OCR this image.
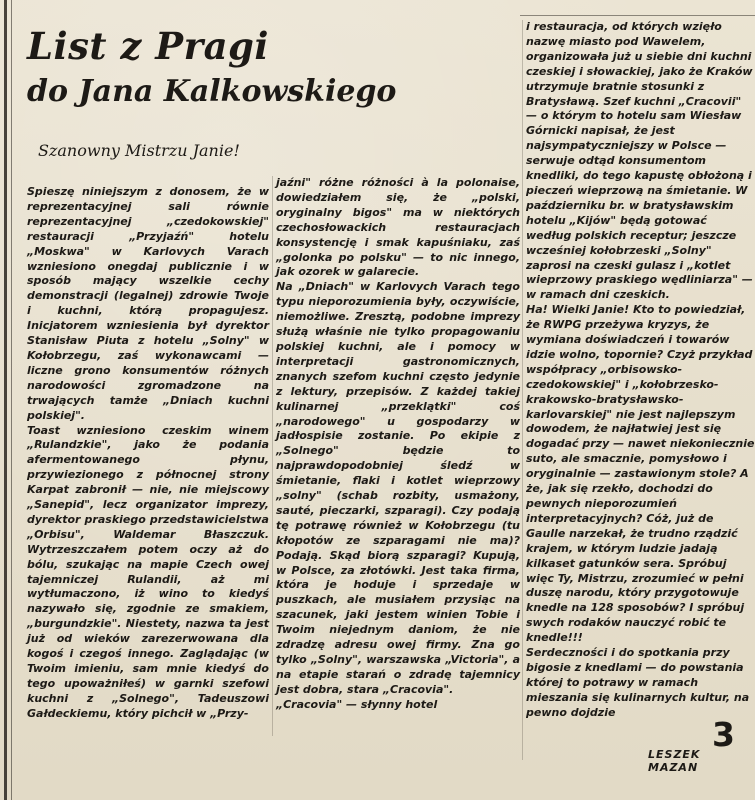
List z Pragi
do Jana Kalkowskiego

Szanowny Mistrzu Janie!

Spieszę niniejszym z donosem, że w reprezentacyjnej sali równie reprezentacyjnej „czedokowskiej" restauracji „Przyjaźń" hotelu „Moskwa" w Karlovych Varach wzniesiono onegdaj publicznie i w sposób mający wszelkie cechy demonstracji (legalnej) zdrowie Twoje i kuchni, którą propagujesz. Inicjatorem wzniesienia był dyrektor Stanisław Piuta z hotelu „Solny" w Kołobrzegu, zaś wykonawcami — liczne grono konsumentów różnych narodowości zgromadzone na trwających tamże „Dniach kuchni polskiej".
Toast wzniesiono czeskim winem „Rulandzkie", jako że podania afermentowanego płynu, przywiezionego z północnej strony Karpat zabronił — nie, nie miejscowy „Sanepid", lecz organizator imprezy, dyrektor praskiego przedstawicielstwa „Orbisu", Waldemar Błaszczuk. Wytrzeszczałem potem oczy aż do bólu, szukając na mapie Czech owej tajemniczej Rulandii, aż mi wytłumaczono, iż wino to kiedyś nazywało się, zgodnie ze smakiem, „burgundzkie". Niestety, nazwa ta jest już od wieków zarezerwowana dla kogoś i czegoś innego. Zaglądając (w Twoim imieniu, sam mnie kiedyś do tego upoważniłeś) w garnki szefowi kuchni z „Solnego", Tadeuszowi Gałdeckiemu, który pichcił w „Przy-

jaźni" różne różności à la polonaise, dowiedziałem się, że „polski, oryginalny bigos" ma w niektórych czechosłowackich restauracjach konsystencję i smak kapuśniaku, zaś „golonka po polsku" — to nic innego, jak ozorek w galarecie.
Na „Dniach" w Karlovych Varach tego typu nieporozumienia były, oczywiście, niemożliwe. Zresztą, podobne imprezy służą właśnie nie tylko propagowaniu polskiej kuchni, ale i pomocy w interpretacji gastronomicznych, znanych szefom kuchni często jedynie z lektury, przepisów. Z każdej takiej kulinarnej „przeklątki" coś „narodowego" u gospodarzy w jadłospisie zostanie. Po ekipie z „Solnego" będzie to najprawdopodobniej śledź w śmietanie, flaki i kotlet wieprzowy „solny" (schab rozbity, usmażony, sauté, pieczarki, szparagi). Czy podają tę potrawę również w Kołobrzegu (tu kłopotów ze szparagami nie ma)? Podają. Skąd biorą szparagi? Kupują, w Polsce, za złotówki. Jest taka firma, która je hoduje i sprzedaje w puszkach, ale musiałem przysiąc na szacunek, jaki jestem winien Tobie i Twoim niejednym daniom, że nie zdradzę adresu owej firmy. Zna go tylko „Solny", warszawska „Victoria", a na etapie starań o zdradę tajemnicy jest dobra, stara „Cracovia".
„Cracovia" — słynny hotel

i restauracja, od których wzięło nazwę miasto pod Wawelem, organizowała już u siebie dni kuchni czeskiej i słowackiej, jako że Kraków utrzymuje bratnie stosunki z Bratysławą. Szef kuchni „Cracovii" — o którym to hotelu sam Wiesław Górnicki napisał, że jest najsympatyczniejszy w Polsce — serwuje odtąd konsumentom knedliki, do tego kapustę obłożoną i pieczeń wieprzową na śmietanie. W październiku br. w bratysławskim hotelu „Kijów" będą gotować według polskich receptur; jeszcze wcześniej kołobrzeski „Solny" zaprosi na czeski gulasz i „kotlet wieprzowy praskiego wędliniarza" — w ramach dni czeskich.
Ha! Wielki Janie! Kto to powiedział, że RWPG przeżywa kryzys, że wymiana doświadczeń i towarów idzie wolno, topornie? Czyż przykład współpracy „orbisowsko-czedokowskiej" i „kołobrzesko-krakowsko-bratysławsko-karlovarskiej" nie jest najlepszym dowodem, że najłatwiej jest się dogadać przy — nawet niekoniecznie suto, ale smacznie, pomysłowo i oryginalnie — zastawionym stole? A że, jak się rzekło, dochodzi do pewnych nieporozumień interpretacyjnych? Cóż, już de Gaulle narzekał, że trudno rządzić krajem, w którym ludzie jadają kilkaset gatunków sera. Spróbuj więc Ty, Mistrzu, zrozumieć w pełni duszę narodu, który przygotowuje knedle na 128 sposobów? I spróbuj swych rodaków nauczyć robić te knedle!!!
Serdeczności i do spotkania przy bigosie z knedlami — do powstania której to potrawy w ramach mieszania się kulinarnych kultur, na pewno dojdzie

LESZEK MAZAN

3
